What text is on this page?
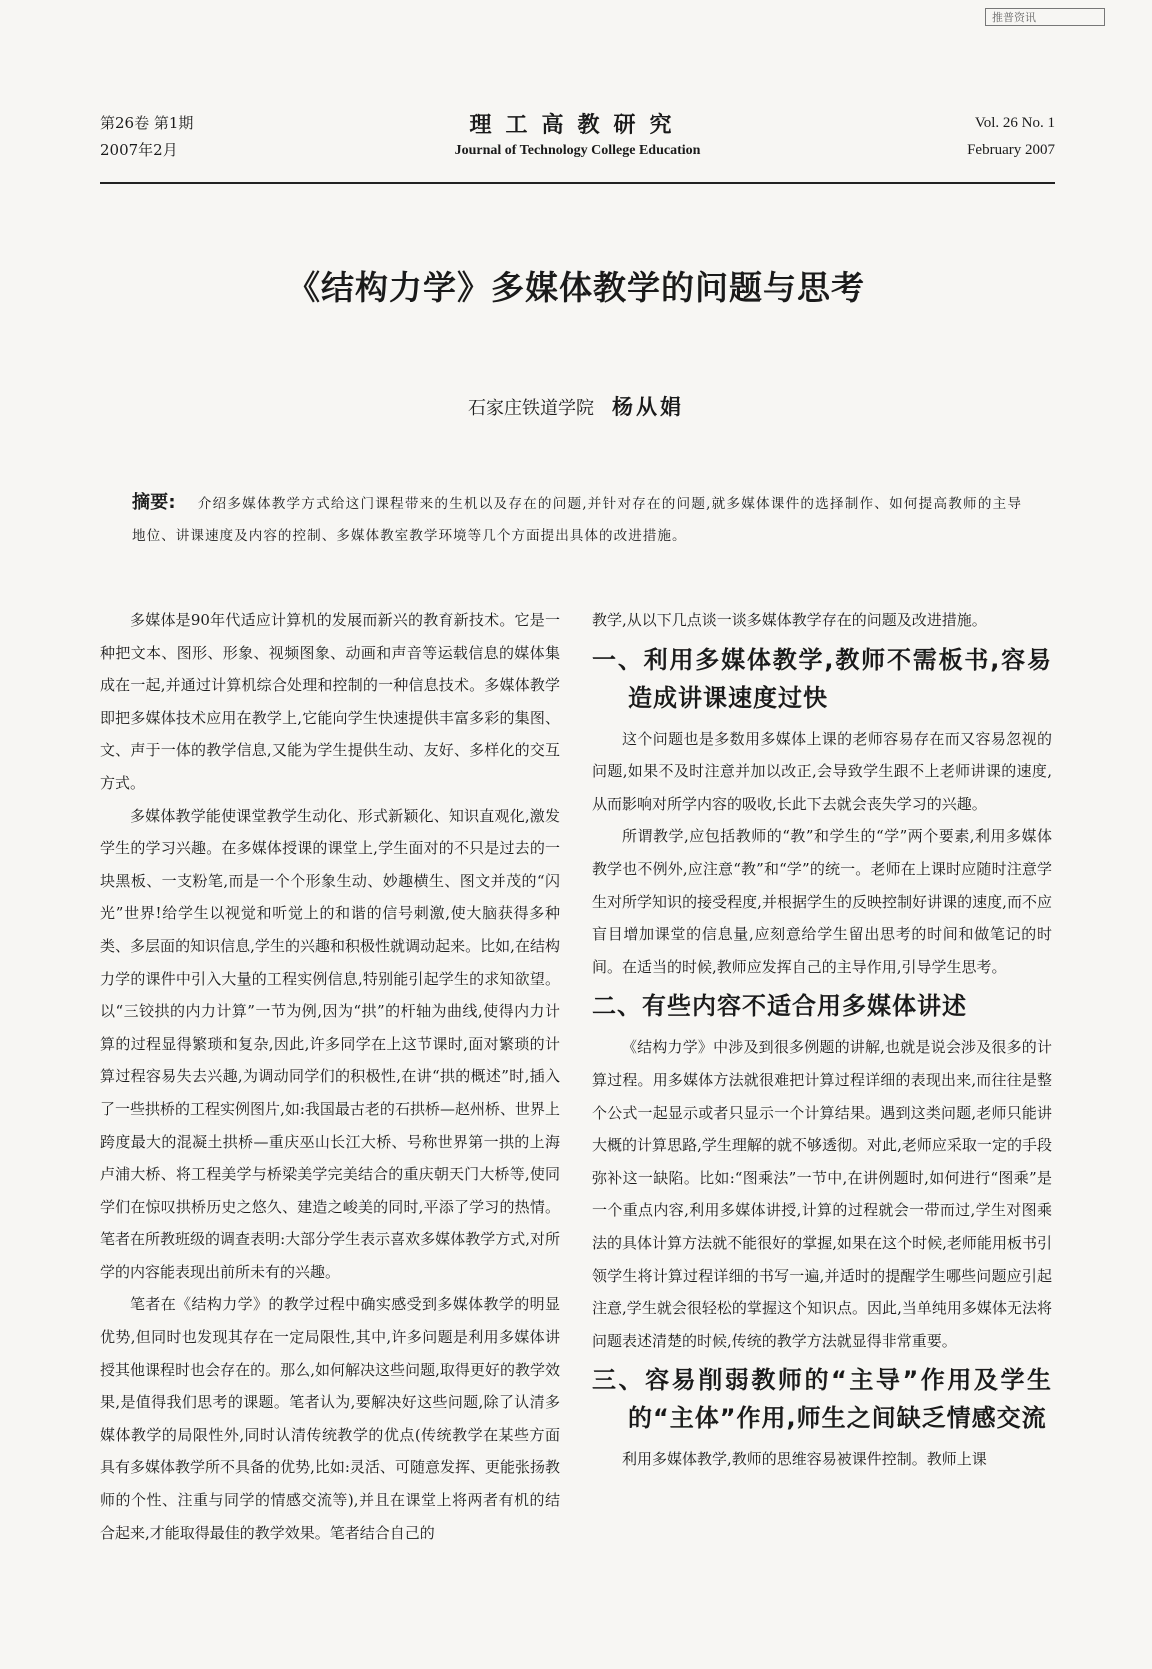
推普资讯
第26卷 第1期
2007年2月
理工高教研究
Journal of Technology College Education
Vol. 26 No. 1
February 2007
《结构力学》多媒体教学的问题与思考
石家庄铁道学院 杨从娟
摘要: 介绍多媒体教学方式给这门课程带来的生机以及存在的问题,并针对存在的问题,就多媒体课件的选择制作、如何提高教师的主导地位、讲课速度及内容的控制、多媒体教室教学环境等几个方面提出具体的改进措施。

多媒体是90年代适应计算机的发展而新兴的教育新技术。它是一种把文本、图形、形象、视频图象、动画和声音等运载信息的媒体集成在一起,并通过计算机综合处理和控制的一种信息技术。多媒体教学即把多媒体技术应用在教学上,它能向学生快速提供丰富多彩的集图、文、声于一体的教学信息,又能为学生提供生动、友好、多样化的交互方式。

多媒体教学能使课堂教学生动化、形式新颖化、知识直观化,激发学生的学习兴趣。在多媒体授课的课堂上,学生面对的不只是过去的一块黑板、一支粉笔,而是一个个形象生动、妙趣横生、图文并茂的“闪光”世界!给学生以视觉和听觉上的和谐的信号刺激,使大脑获得多种类、多层面的知识信息,学生的兴趣和积极性就调动起来。比如,在结构力学的课件中引入大量的工程实例信息,特别能引起学生的求知欲望。以“三铰拱的内力计算”一节为例,因为“拱”的杆轴为曲线,使得内力计算的过程显得繁琐和复杂,因此,许多同学在上这节课时,面对繁琐的计算过程容易失去兴趣,为调动同学们的积极性,在讲“拱的概述”时,插入了一些拱桥的工程实例图片,如:我国最古老的石拱桥—赵州桥、世界上跨度最大的混凝土拱桥—重庆巫山长江大桥、号称世界第一拱的上海卢浦大桥、将工程美学与桥梁美学完美结合的重庆朝天门大桥等,使同学们在惊叹拱桥历史之悠久、建造之峻美的同时,平添了学习的热情。笔者在所教班级的调查表明:大部分学生表示喜欢多媒体教学方式,对所学的内容能表现出前所未有的兴趣。

笔者在《结构力学》的教学过程中确实感受到多媒体教学的明显优势,但同时也发现其存在一定局限性,其中,许多问题是利用多媒体讲授其他课程时也会存在的。那么,如何解决这些问题,取得更好的教学效果,是值得我们思考的课题。笔者认为,要解决好这些问题,除了认清多媒体教学的局限性外,同时认清传统教学的优点(传统教学在某些方面具有多媒体教学所不具备的优势,比如:灵活、可随意发挥、更能张扬教师的个性、注重与同学的情感交流等),并且在课堂上将两者有机的结合起来,才能取得最佳的教学效果。笔者结合自己的

教学,从以下几点谈一谈多媒体教学存在的问题及改进措施。

一、利用多媒体教学,教师不需板书,容易造成讲课速度过快

这个问题也是多数用多媒体上课的老师容易存在而又容易忽视的问题,如果不及时注意并加以改正,会导致学生跟不上老师讲课的速度,从而影响对所学内容的吸收,长此下去就会丧失学习的兴趣。

所谓教学,应包括教师的“教”和学生的“学”两个要素,利用多媒体教学也不例外,应注意“教”和“学”的统一。老师在上课时应随时注意学生对所学知识的接受程度,并根据学生的反映控制好讲课的速度,而不应盲目增加课堂的信息量,应刻意给学生留出思考的时间和做笔记的时间。在适当的时候,教师应发挥自己的主导作用,引导学生思考。

二、有些内容不适合用多媒体讲述

《结构力学》中涉及到很多例题的讲解,也就是说会涉及很多的计算过程。用多媒体方法就很难把计算过程详细的表现出来,而往往是整个公式一起显示或者只显示一个计算结果。遇到这类问题,老师只能讲大概的计算思路,学生理解的就不够透彻。对此,老师应采取一定的手段弥补这一缺陷。比如:“图乘法”一节中,在讲例题时,如何进行“图乘”是一个重点内容,利用多媒体讲授,计算的过程就会一带而过,学生对图乘法的具体计算方法就不能很好的掌握,如果在这个时候,老师能用板书引领学生将计算过程详细的书写一遍,并适时的提醒学生哪些问题应引起注意,学生就会很轻松的掌握这个知识点。因此,当单纯用多媒体无法将问题表述清楚的时候,传统的教学方法就显得非常重要。

三、容易削弱教师的“主导”作用及学生的“主体”作用,师生之间缺乏情感交流

利用多媒体教学,教师的思维容易被课件控制。教师上课
